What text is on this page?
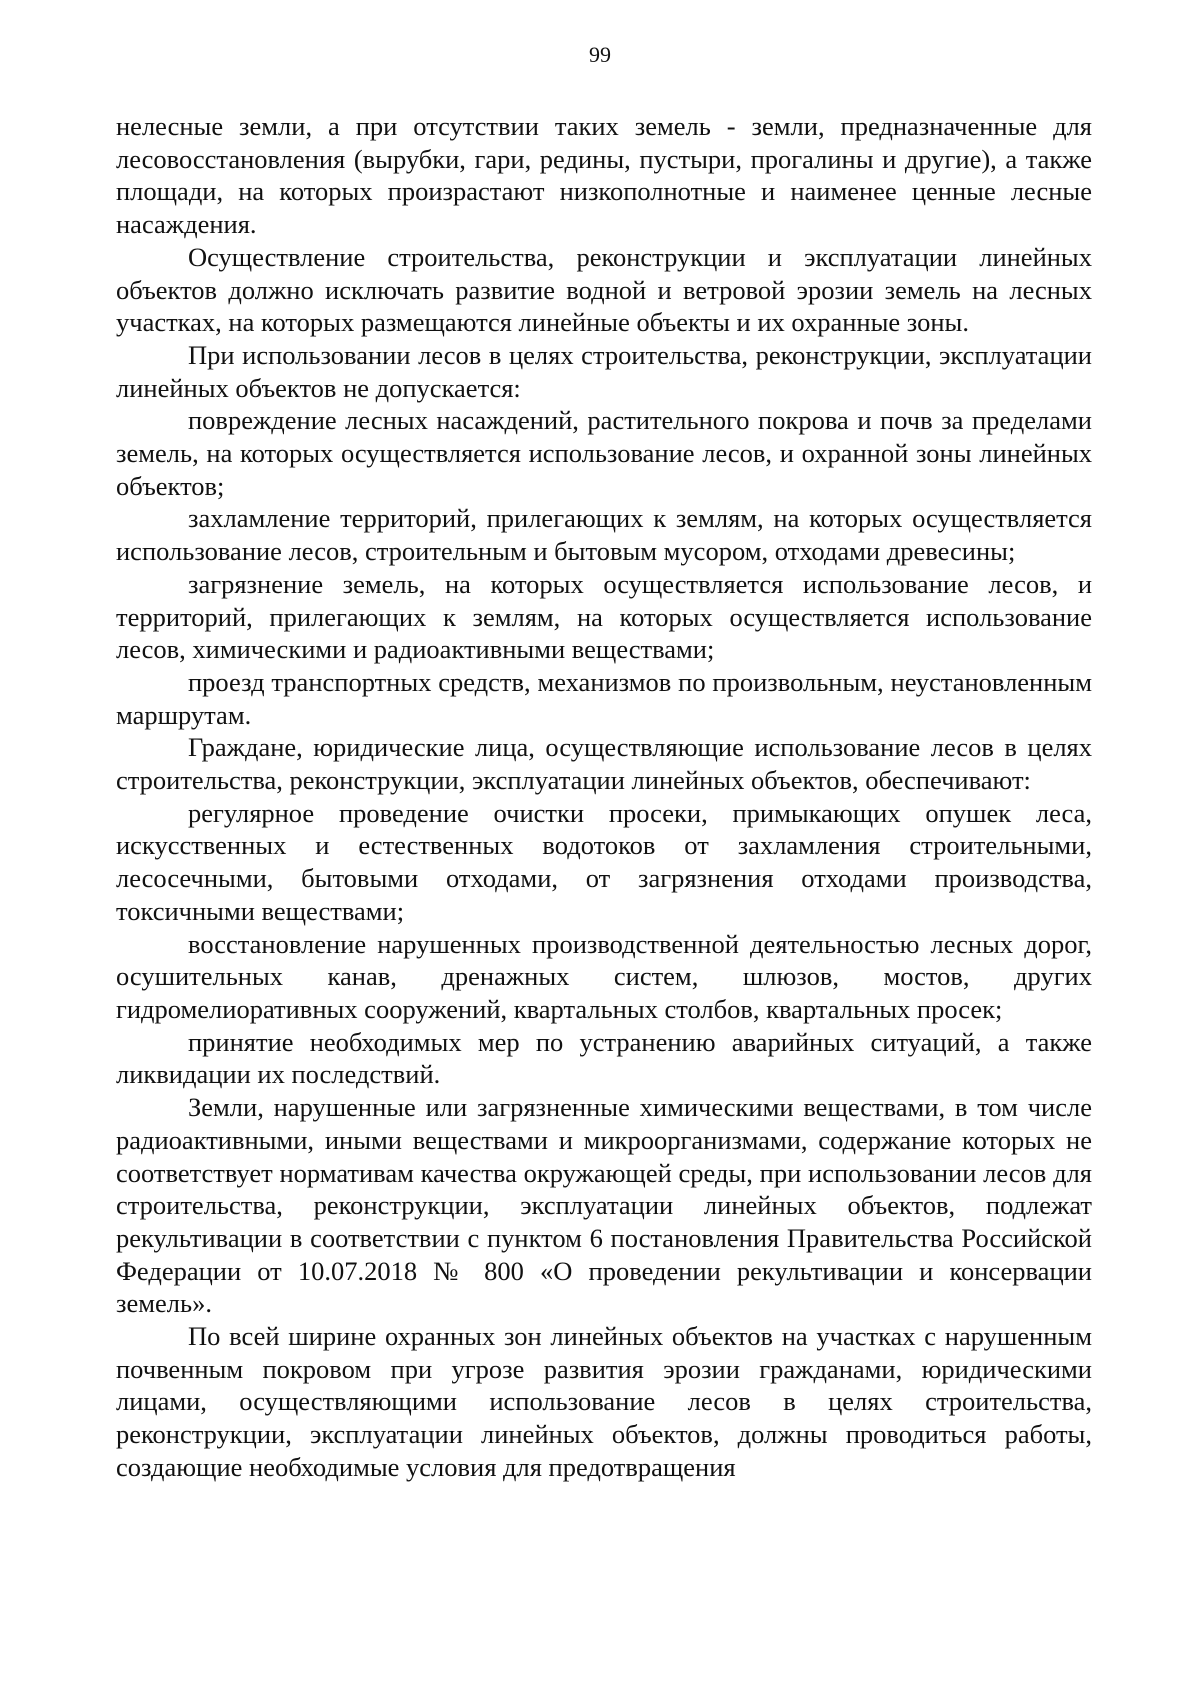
99

нелесные земли, а при отсутствии таких земель - земли, предназначенные для лесовосстановления (вырубки, гари, редины, пустыри, прогалины и другие), а также площади, на которых произрастают низкополнотные и наименее ценные лесные насаждения.

Осуществление строительства, реконструкции и эксплуатации линейных объектов должно исключать развитие водной и ветровой эрозии земель на лесных участках, на которых размещаются линейные объекты и их охранные зоны.

При использовании лесов в целях строительства, реконструкции, эксплуатации линейных объектов не допускается:

повреждение лесных насаждений, растительного покрова и почв за пределами земель, на которых осуществляется использование лесов, и охранной зоны линейных объектов;

захламление территорий, прилегающих к землям, на которых осуществляется использование лесов, строительным и бытовым мусором, отходами древесины;

загрязнение земель, на которых осуществляется использование лесов, и территорий, прилегающих к землям, на которых осуществляется использование лесов, химическими и радиоактивными веществами;

проезд транспортных средств, механизмов по произвольным, неустановленным маршрутам.

Граждане, юридические лица, осуществляющие использование лесов в целях строительства, реконструкции, эксплуатации линейных объектов, обеспечивают:

регулярное проведение очистки просеки, примыкающих опушек леса, искусственных и естественных водотоков от захламления строительными, лесосечными, бытовыми отходами, от загрязнения отходами производства, токсичными веществами;

восстановление нарушенных производственной деятельностью лесных дорог, осушительных канав, дренажных систем, шлюзов, мостов, других гидромелиоративных сооружений, квартальных столбов, квартальных просек;

принятие необходимых мер по устранению аварийных ситуаций, а также ликвидации их последствий.

Земли, нарушенные или загрязненные химическими веществами, в том числе радиоактивными, иными веществами и микроорганизмами, содержание которых не соответствует нормативам качества окружающей среды, при использовании лесов для строительства, реконструкции, эксплуатации линейных объектов, подлежат рекультивации в соответствии с пунктом 6 постановления Правительства Российской Федерации от 10.07.2018 № 800 «О проведении рекультивации и консервации земель».

По всей ширине охранных зон линейных объектов на участках с нарушенным почвенным покровом при угрозе развития эрозии гражданами, юридическими лицами, осуществляющими использование лесов в целях строительства, реконструкции, эксплуатации линейных объектов, должны проводиться работы, создающие необходимые условия для предотвращения
